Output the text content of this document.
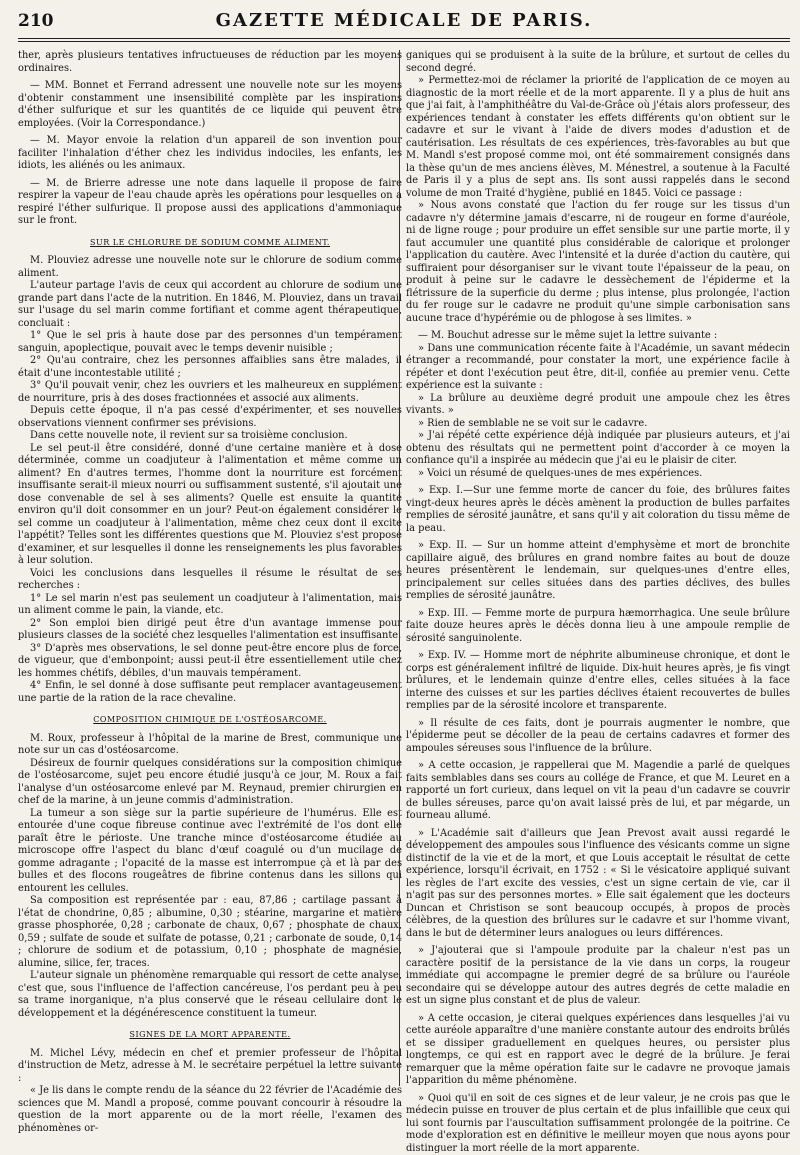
210	GAZETTE MÉDICALE DE PARIS.

ther, après plusieurs tentatives infructueuses de réduction par les moyens ordinaires.

— MM. Bonnet et Ferrand adressent une nouvelle note sur les moyens d'obtenir constamment une insensibilité complète par les inspirations d'éther sulfurique et sur les quantités de ce liquide qui peuvent être employées. (Voir la Correspondance.)

— M. Mayor envoie la relation d'un appareil de son invention pour faciliter l'inhalation d'éther chez les individus indociles, les enfants, les idiots, les aliénés ou les animaux.

— M. de Brierre adresse une note dans laquelle il propose de faire respirer la vapeur de l'eau chaude après les opérations pour lesquelles on a respiré l'éther sulfurique. Il propose aussi des applications d'ammoniaque sur le front.

SUR LE CHLORURE DE SODIUM COMME ALIMENT.

M. Plouviez adresse une nouvelle note sur le chlorure de sodium comme aliment.

L'auteur partage l'avis de ceux qui accordent au chlorure de sodium une grande part dans l'acte de la nutrition. En 1846, M. Plouviez, dans un travail sur l'usage du sel marin comme fortifiant et comme agent thérapeutique, concluait :

1° Que le sel pris à haute dose par des personnes d'un tempérament sanguin, apoplectique, pouvait avec le temps devenir nuisible ;

2° Qu'au contraire, chez les personnes affaiblies sans être malades, il était d'une incontestable utilité ;

3° Qu'il pouvait venir, chez les ouvriers et les malheureux en supplément de nourriture, pris à des doses fractionnées et associé aux aliments.

Depuis cette époque, il n'a pas cessé d'expérimenter, et ses nouvelles observations viennent confirmer ses prévisions.

Dans cette nouvelle note, il revient sur sa troisième conclusion.

Le sel peut-il être considéré, donné d'une certaine manière et à dose déterminée, comme un coadjuteur à l'alimentation et même comme un aliment? En d'autres termes, l'homme dont la nourriture est forcément insuffisante serait-il mieux nourri ou suffisamment sustenté, s'il ajoutait une dose convenable de sel à ses aliments? Quelle est ensuite la quantité environ qu'il doit consommer en un jour? Peut-on également considérer le sel comme un coadjuteur à l'alimentation, même chez ceux dont il excite l'appétit? Telles sont les différentes questions que M. Plouviez s'est proposé d'examiner, et sur lesquelles il donne les renseignements les plus favorables à leur solution.

Voici les conclusions dans lesquelles il résume le résultat de ses recherches :

1° Le sel marin n'est pas seulement un coadjuteur à l'alimentation, mais un aliment comme le pain, la viande, etc.

2° Son emploi bien dirigé peut être d'un avantage immense pour plusieurs classes de la société chez lesquelles l'alimentation est insuffisante.

3° D'après mes observations, le sel donne peut-être encore plus de force, de vigueur, que d'embonpoint; aussi peut-il être essentiellement utile chez les hommes chétifs, débiles, d'un mauvais tempérament.

4° Enfin, le sel donné à dose suffisante peut remplacer avantageusement une partie de la ration de la race chevaline.

COMPOSITION CHIMIQUE DE L'OSTÉOSARCOME.

M. Roux, professeur à l'hôpital de la marine de Brest, communique une note sur un cas d'ostéosarcome.

Désireux de fournir quelques considérations sur la composition chimique de l'ostéosarcome, sujet peu encore étudié jusqu'à ce jour, M. Roux a fait l'analyse d'un ostéosarcome enlevé par M. Reynaud, premier chirurgien en chef de la marine, à un jeune commis d'administration.

La tumeur a son siège sur la partie supérieure de l'humérus. Elle est entourée d'une coque fibreuse continue avec l'extrémité de l'os dont elle paraît être le périoste. Une tranche mince d'ostéosarcome étudiée au microscope offre l'aspect du blanc d'œuf coagulé ou d'un mucilage de gomme adragante ; l'opacité de la masse est interrompue çà et là par des bulles et des flocons rougeâtres de fibrine contenus dans les sillons qui entourent les cellules.

Sa composition est représentée par : eau, 87,86 ; cartilage passant à l'état de chondrine, 0,85 ; albumine, 0,30 ; stéarine, margarine et matière grasse phosphorée, 0,28 ; carbonate de chaux, 0,67 ; phosphate de chaux, 0,59 ; sulfate de soude et sulfate de potasse, 0,21 ; carbonate de soude, 0,14 ; chlorure de sodium et de potassium, 0,10 ; phosphate de magnésie, alumine, silice, fer, traces.

L'auteur signale un phénomène remarquable qui ressort de cette analyse, c'est que, sous l'influence de l'affection cancéreuse, l'os perdant peu à peu sa trame inorganique, n'a plus conservé que le réseau cellulaire dont le développement et la dégénérescence constituent la tumeur.

SIGNES DE LA MORT APPARENTE.

M. Michel Lévy, médecin en chef et premier professeur de l'hôpital d'instruction de Metz, adresse à M. le secrétaire perpétuel la lettre suivante :

« Je lis dans le compte rendu de la séance du 22 février de l'Académie des sciences que M. Mandl a proposé, comme pouvant concourir à résoudre la question de la mort apparente ou de la mort réelle, l'examen des phénomènes or-

ganiques qui se produisent à la suite de la brûlure, et surtout de celles du second degré.

» Permettez-moi de réclamer la priorité de l'application de ce moyen au diagnostic de la mort réelle et de la mort apparente. Il y a plus de huit ans que j'ai fait, à l'amphithéâtre du Val-de-Grâce où j'étais alors professeur, des expériences tendant à constater les effets différents qu'on obtient sur le cadavre et sur le vivant à l'aide de divers modes d'adustion et de cautérisation. Les résultats de ces expériences, très-favorables au but que M. Mandl s'est proposé comme moi, ont été sommairement consignés dans la thèse qu'un de mes anciens élèves, M. Ménestrel, a soutenue à la Faculté de Paris il y a plus de sept ans. Ils sont aussi rappelés dans le second volume de mon Traité d'hygiène, publié en 1845. Voici ce passage :

» Nous avons constaté que l'action du fer rouge sur les tissus d'un cadavre n'y détermine jamais d'escarre, ni de rougeur en forme d'auréole, ni de ligne rouge ; pour produire un effet sensible sur une partie morte, il y faut accumuler une quantité plus considérable de calorique et prolonger l'application du cautère. Avec l'intensité et la durée d'action du cautère, qui suffiraient pour désorganiser sur le vivant toute l'épaisseur de la peau, on produit à peine sur le cadavre le dessèchement de l'épiderme et la flétrissure de la superficie du derme ; plus intense, plus prolongée, l'action du fer rouge sur le cadavre ne produit qu'une simple carbonisation sans aucune trace d'hypérémie ou de phlogose à ses limites. »

— M. Bouchut adresse sur le même sujet la lettre suivante :

» Dans une communication récente faite à l'Académie, un savant médecin étranger a recommandé, pour constater la mort, une expérience facile à répéter et dont l'exécution peut être, dit-il, confiée au premier venu. Cette expérience est la suivante :

» La brûlure au deuxième degré produit une ampoule chez les êtres vivants. »

» Rien de semblable ne se voit sur le cadavre.

» J'ai répété cette expérience déjà indiquée par plusieurs auteurs, et j'ai obtenu des résultats qui ne permettent point d'accorder à ce moyen la confiance qu'il a inspirée au médecin que j'ai eu le plaisir de citer.

» Voici un résumé de quelques-unes de mes expériences.

» Exp. I.—Sur une femme morte de cancer du foie, des brûlures faites vingt-deux heures après le décès amènent la production de bulles parfaites remplies de sérosité jaunâtre, et sans qu'il y ait coloration du tissu même de la peau.

» Exp. II. — Sur un homme atteint d'emphysème et mort de bronchite capillaire aiguë, des brûlures en grand nombre faites au bout de douze heures présentèrent le lendemain, sur quelques-unes d'entre elles, principalement sur celles situées dans des parties déclives, des bulles remplies de sérosité jaunâtre.

» Exp. III. — Femme morte de purpura hæmorrhagica. Une seule brûlure faite douze heures après le décès donna lieu à une ampoule remplie de sérosité sanguinolente.

» Exp. IV. — Homme mort de néphrite albumineuse chronique, et dont le corps est généralement infiltré de liquide. Dix-huit heures après, je fis vingt brûlures, et le lendemain quinze d'entre elles, celles situées à la face interne des cuisses et sur les parties déclives étaient recouvertes de bulles remplies par de la sérosité incolore et transparente.

» Il résulte de ces faits, dont je pourrais augmenter le nombre, que l'épiderme peut se décoller de la peau de certains cadavres et former des ampoules séreuses sous l'influence de la brûlure.

» A cette occasion, je rappellerai que M. Magendie a parlé de quelques faits semblables dans ses cours au collége de France, et que M. Leuret en a rapporté un fort curieux, dans lequel on vit la peau d'un cadavre se couvrir de bulles séreuses, parce qu'on avait laissé près de lui, et par mégarde, un fourneau allumé.

» L'Académie sait d'ailleurs que Jean Prevost avait aussi regardé le développement des ampoules sous l'influence des vésicants comme un signe distinctif de la vie et de la mort, et que Louis acceptait le résultat de cette expérience, lorsqu'il écrivait, en 1752 : « Si le vésicatoire appliqué suivant les règles de l'art excite des vessies, c'est un signe certain de vie, car il n'agit pas sur des personnes mortes. » Elle sait également que les docteurs Duncan et Christison se sont beaucoup occupés, à propos de procès célèbres, de la question des brûlures sur le cadavre et sur l'homme vivant, dans le but de déterminer leurs analogues ou leurs différences.

» J'ajouterai que si l'ampoule produite par la chaleur n'est pas un caractère positif de la persistance de la vie dans un corps, la rougeur immédiate qui accompagne le premier degré de sa brûlure ou l'auréole secondaire qui se développe autour des autres degrés de cette maladie en est un signe plus constant et de plus de valeur.

» A cette occasion, je citerai quelques expériences dans lesquelles j'ai vu cette auréole apparaître d'une manière constante autour des endroits brûlés et se dissiper graduellement en quelques heures, ou persister plus longtemps, ce qui est en rapport avec le degré de la brûlure. Je ferai remarquer que la même opération faite sur le cadavre ne provoque jamais l'apparition du même phénomène.

» Quoi qu'il en soit de ces signes et de leur valeur, je ne crois pas que le médecin puisse en trouver de plus certain et de plus infaillible que ceux qui lui sont fournis par l'auscultation suffisamment prolongée de la poitrine. Ce mode d'exploration est en définitive le meilleur moyen que nous ayons pour distinguer la mort réelle de la mort apparente.
